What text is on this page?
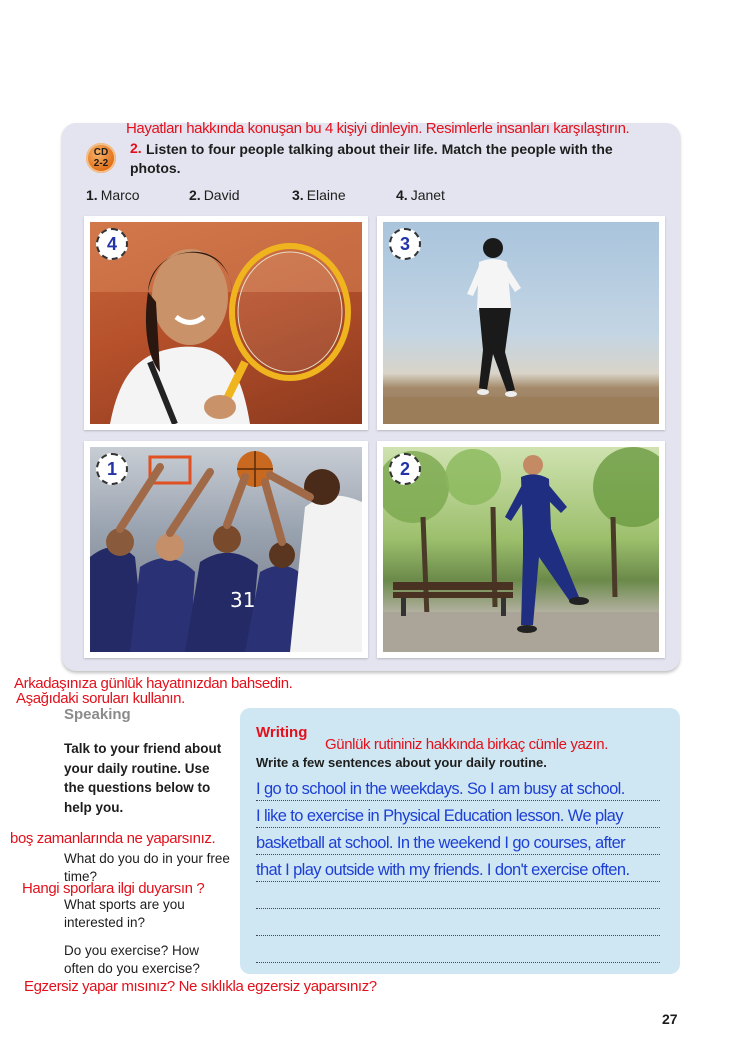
Hayatları hakkında konuşan bu 4 kişiyi dinleyin. Resimlerle insanları karşılaştırın.
CD
2-2
2. Listen to four people talking about their life. Match the people with the
photos.
1. Marco	2. David	3. Elaine	4. Janet
4	3
31
1	2
Arkadaşınıza günlük hayatınızdan bahsedin.
Aşağıdaki soruları kullanın.
Speaking
Talk to your friend about your daily routine. Use the questions below to help you.
boş zamanlarında ne yaparsınız.
What do you do in your free time?
Hangi sporlara ilgi duyarsın ?
What sports are you interested in?
Do you exercise? How often do you exercise?
Egzersiz yapar mısınız? Ne sıklıkla egzersiz yaparsınız?
Writing
Günlük rutininiz hakkında birkaç cümle yazın.
Write a few sentences about your daily routine.
I go to school in the weekdays. So I am busy at school.
I like to exercise in Physical Education lesson. We play
basketball at school. In the weekend I go courses, after
that I play outside with my friends. I don't exercise often.
27
